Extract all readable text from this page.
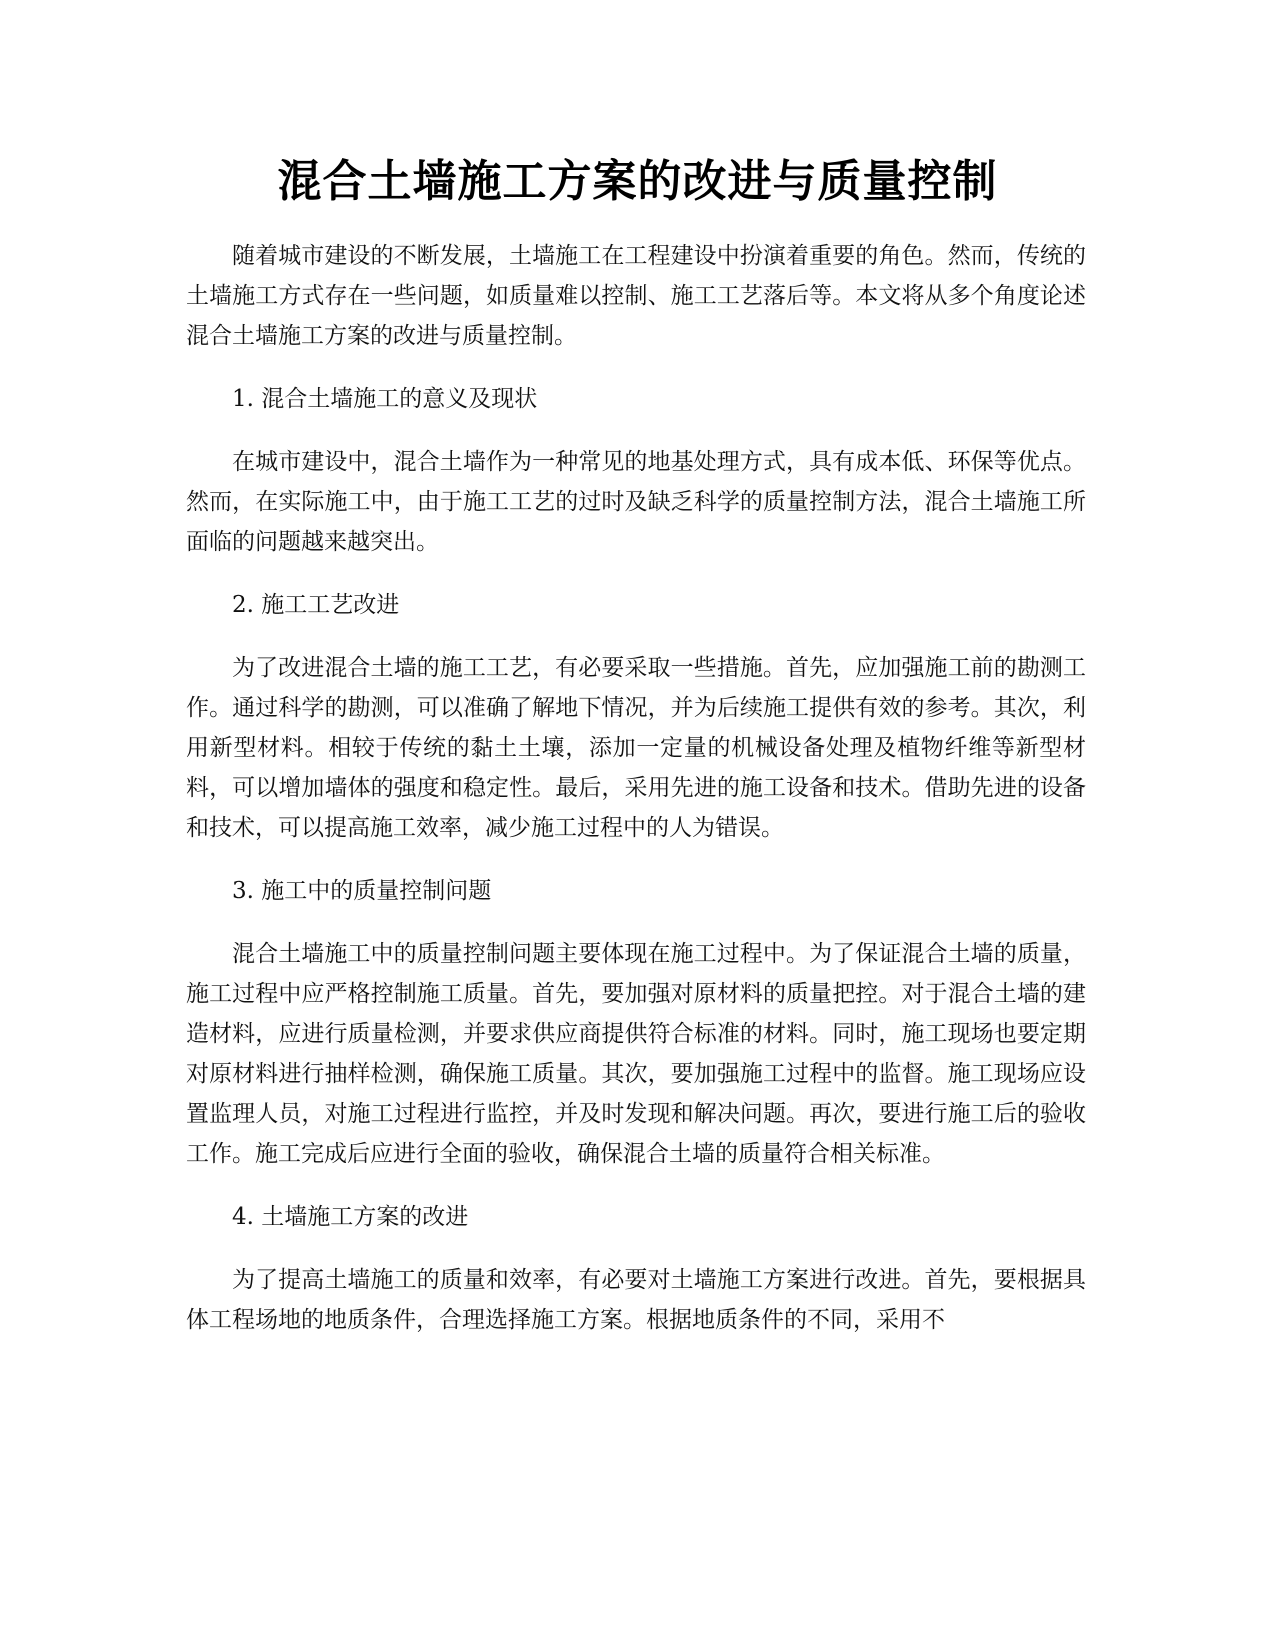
混合土墙施工方案的改进与质量控制

随着城市建设的不断发展，土墙施工在工程建设中扮演着重要的角色。然而，传统的土墙施工方式存在一些问题，如质量难以控制、施工工艺落后等。本文将从多个角度论述混合土墙施工方案的改进与质量控制。

1. 混合土墙施工的意义及现状

在城市建设中，混合土墙作为一种常见的地基处理方式，具有成本低、环保等优点。然而，在实际施工中，由于施工工艺的过时及缺乏科学的质量控制方法，混合土墙施工所面临的问题越来越突出。

2. 施工工艺改进

为了改进混合土墙的施工工艺，有必要采取一些措施。首先，应加强施工前的勘测工作。通过科学的勘测，可以准确了解地下情况，并为后续施工提供有效的参考。其次，利用新型材料。相较于传统的黏土土壤，添加一定量的机械设备处理及植物纤维等新型材料，可以增加墙体的强度和稳定性。最后，采用先进的施工设备和技术。借助先进的设备和技术，可以提高施工效率，减少施工过程中的人为错误。

3. 施工中的质量控制问题

混合土墙施工中的质量控制问题主要体现在施工过程中。为了保证混合土墙的质量，施工过程中应严格控制施工质量。首先，要加强对原材料的质量把控。对于混合土墙的建造材料，应进行质量检测，并要求供应商提供符合标准的材料。同时，施工现场也要定期对原材料进行抽样检测，确保施工质量。其次，要加强施工过程中的监督。施工现场应设置监理人员，对施工过程进行监控，并及时发现和解决问题。再次，要进行施工后的验收工作。施工完成后应进行全面的验收，确保混合土墙的质量符合相关标准。

4. 土墙施工方案的改进

为了提高土墙施工的质量和效率，有必要对土墙施工方案进行改进。首先，要根据具体工程场地的地质条件，合理选择施工方案。根据地质条件的不同，采用不
